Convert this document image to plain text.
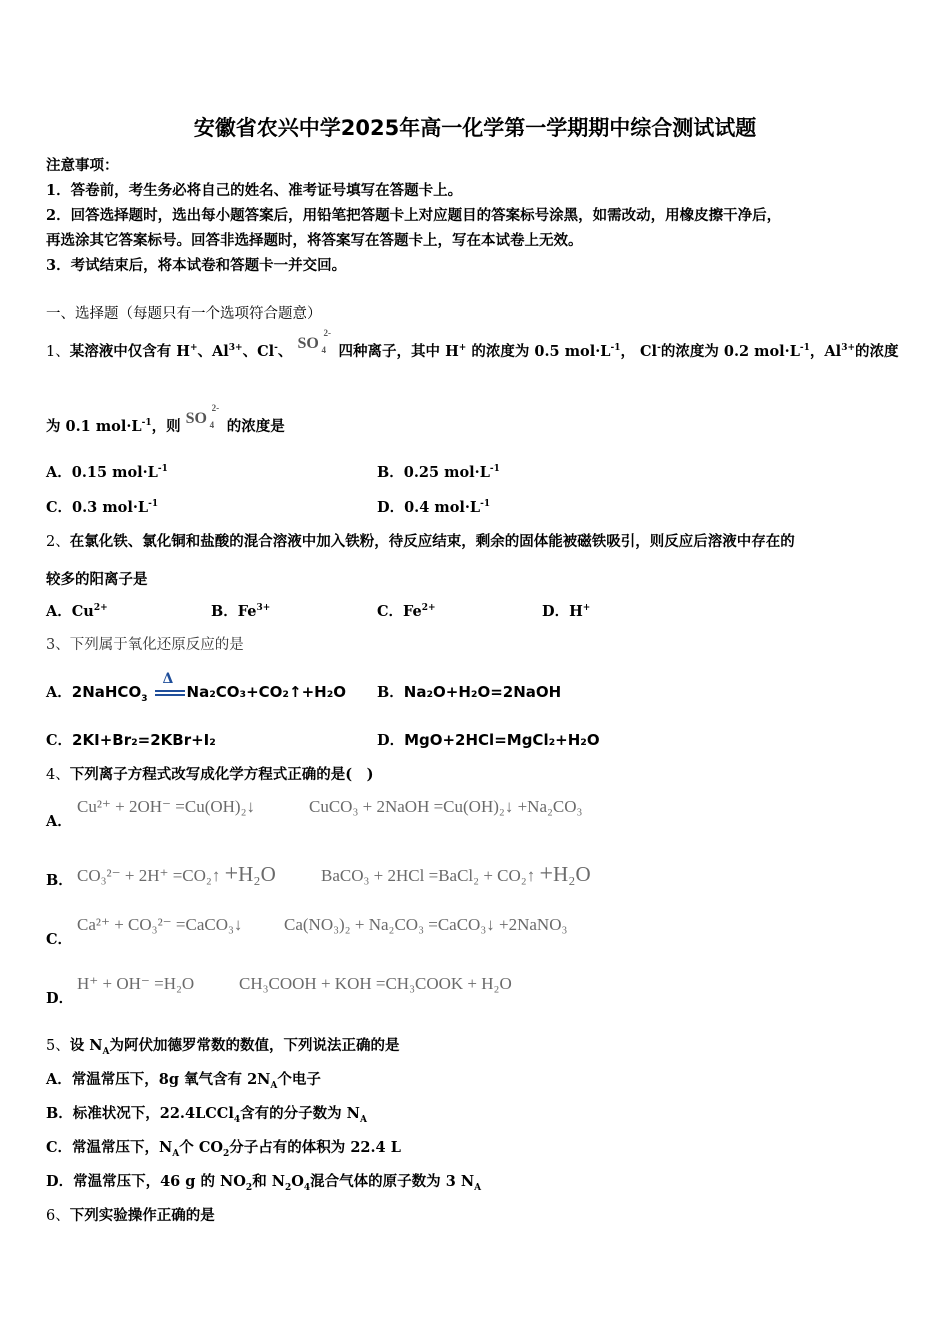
安徽省农兴中学2025年高一化学第一学期期中综合测试试题
注意事项：
1．答卷前，考生务必将自己的姓名、准考证号填写在答题卡上。
2．回答选择题时，选出每小题答案后，用铅笔把答题卡上对应题目的答案标号涂黑，如需改动，用橡皮擦干净后，
再选涂其它答案标号。回答非选择题时，将答案写在答题卡上，写在本试卷上无效。
3．考试结束后，将本试卷和答题卡一并交回。
一、选择题（每题只有一个选项符合题意）
1、某溶液中仅含有 H+、$Al^{3+}$、Cl-、 SO
2-
4 四种离子，其中 H+ 的浓度为 0.5 $mol\cdot L^{-1}$， Cl-的浓度为 0.2 $mol\cdot L^{-1}$，$Al^{3+}$的浓度
为 0.1 $mol\cdot L^{-1}$，则 SO
2-
4 的浓度是
A．0.15 $mol\cdot L^{-1}$	B．0.25 $mol\cdot L^{-1}$
C．0.3 $mol\cdot L^{-1}$	D．0.4 $mol\cdot L^{-1}$
2、在氯化铁、氯化铜和盐酸的混合溶液中加入铁粉，待反应结束，剩余的固体能被磁铁吸引，则反应后溶液中存在的
较多的阳离子是
A．$Cu^{2+}$	B．$Fe^{3+}$	C．$Fe^{2+}$	D．H+
3、下列属于氧化还原反应的是
A．2NaHCO$_3$
Δ
Na₂CO₃+CO₂↑+H₂O B．Na₂O+H₂O=2NaOH
C．2KI+Br₂=2KBr+I₂	D．MgO+2HCl=MgCl₂+H₂O
4、下列离子方程式改写成化学方程式正确的是(　)
A．
Cu²⁺ + 2OH⁻ =Cu(OH)₂↓	CuCO₃ + 2NaOH =Cu(OH)₂↓ +Na₂CO₃
B． CO₃²⁻ + 2H⁺ =CO₂↑ +H₂O	BaCO₃ + 2HCl =BaCl₂ + CO₂↑ +H₂O
C．
Ca²⁺ + CO₃²⁻ =CaCO₃↓ Ca(NO₃)₂ + Na₂CO₃ =CaCO₃↓ +2NaNO₃
D．
H⁺ + OH⁻ =H₂O	CH₃COOH + KOH =CH₃COOK + H₂O
5、设 $N_A$为阿伏加德罗常数的数值，下列说法正确的是
A．常温常压下，8g 氧气含有 $2N_A$个电子
B．标准状况下，22.4LCCl$_4$含有的分子数为 $N_A$
C．常温常压下，$N_A$个 $CO_2$分子占有的体积为 22.4 L
D．常温常压下，46 g 的 $NO_2$和 $N_2O_4$混合气体的原子数为 3 $N_A$
6、下列实验操作正确的是
